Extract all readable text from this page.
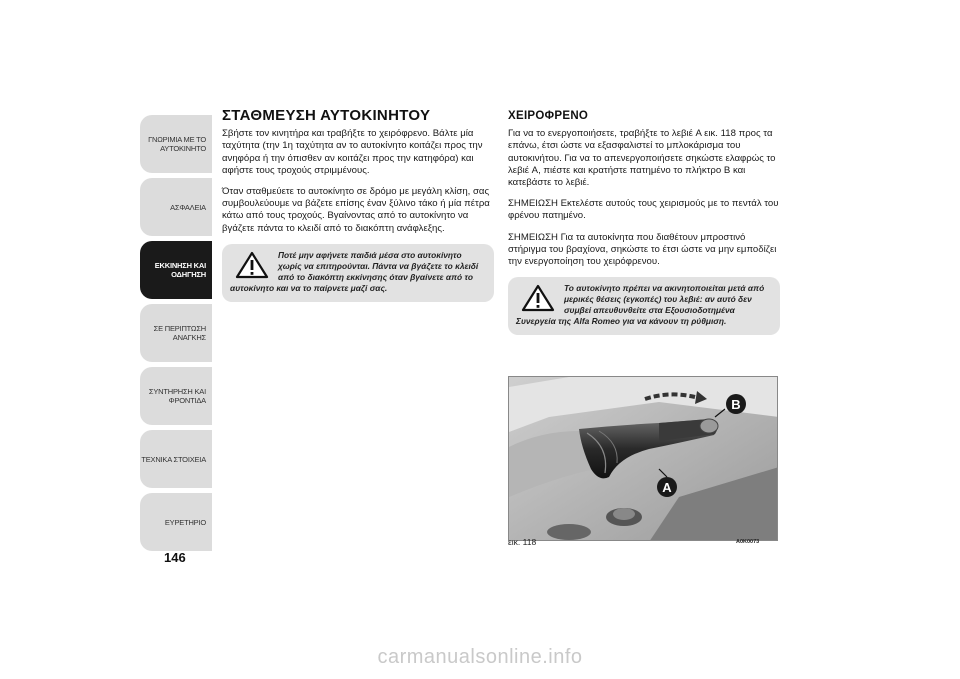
ΓΝΩΡΙΜΙΑ ΜΕ ΤΟ ΑΥΤΟΚΙΝΗΤΟ
ΑΣΦΑΛΕΙΑ
ΕΚΚΙΝΗΣΗ ΚΑΙ ΟΔΗΓΗΣΗ
ΣΕ ΠΕΡΙΠΤΩΣΗ ΑΝΑΓΚΗΣ
ΣΥΝΤΗΡΗΣΗ ΚΑΙ ΦΡΟΝΤΙΔΑ
ΤΕΧΝΙΚΑ ΣΤΟΙΧΕΙΑ
ΕΥΡΕΤΗΡΙΟ
146
ΣΤΑΘΜΕΥΣΗ ΑΥΤΟΚΙΝΗΤΟΥ

Σβήστε τον κινητήρα και τραβήξτε το χειρόφρενο. Βάλτε μία ταχύτητα (την 1η ταχύτητα αν το αυτοκίνητο κοιτάζει προς την ανηφόρα ή την όπισθεν αν κοιτάζει προς την κατηφόρα) και αφήστε τους τροχούς στριμμένους.

Όταν σταθμεύετε το αυτοκίνητο σε δρόμο με μεγάλη κλίση, σας συμβουλεύουμε να βάζετε επίσης έναν ξύλινο τάκο ή μία πέτρα κάτω από τους τροχούς. Βγαίνοντας από το αυτοκίνητο να βγάζετε πάντα το κλειδί από το διακόπτη ανάφλεξης.

Ποτέ μην αφήνετε παιδιά μέσα στο αυτοκίνητο χωρίς να επιτηρούνται. Πάντα να βγάζετε το κλειδί από το διακόπτη εκκίνησης όταν βγαίνετε από το αυτοκίνητο και να το παίρνετε μαζί σας.
ΧΕΙΡΟΦΡΕΝΟ

Για να το ενεργοποιήσετε, τραβήξτε το λεβιέ A εικ. 118 προς τα επάνω, έτσι ώστε να εξασφαλιστεί το μπλοκάρισμα του αυτοκινήτου. Για να το απενεργοποιήσετε σηκώστε ελαφρώς το λεβιέ A, πιέστε και κρατήστε πατημένο το πλήκτρο B και κατεβάστε το λεβιέ.

ΣΗΜΕΙΩΣΗ Εκτελέστε αυτούς τους χειρισμούς με το πεντάλ του φρένου πατημένο.

ΣΗΜΕΙΩΣΗ Για τα αυτοκίνητα που διαθέτουν μπροστινό στήριγμα του βραχίονα, σηκώστε το έτσι ώστε να μην εμποδίζει την ενεργοποίηση του χειρόφρενου.

Το αυτοκίνητο πρέπει να ακινητοποιείται μετά από μερικές θέσεις (εγκοπές) του λεβιέ: αν αυτό δεν συμβεί απευθυνθείτε στα Εξουσιοδοτημένα Συνεργεία της Alfa Romeo για να κάνουν τη ρύθμιση.
B
A
εικ. 118	A0K0073
carmanualsonline.info
